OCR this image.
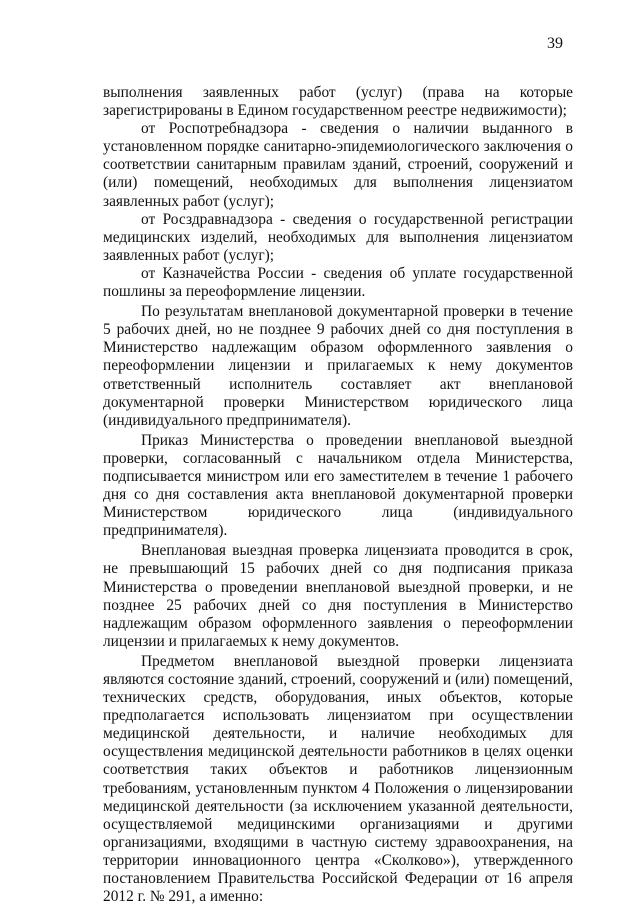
39

выполнения заявленных работ (услуг) (права на которые зарегистрированы в Едином государственном реестре недвижимости);

от Роспотребнадзора - сведения о наличии выданного в установленном порядке санитарно-эпидемиологического заключения о соответствии санитарным правилам зданий, строений, сооружений и (или) помещений, необходимых для выполнения лицензиатом заявленных работ (услуг);

от Росздравнадзора - сведения о государственной регистрации медицинских изделий, необходимых для выполнения лицензиатом заявленных работ (услуг);

от Казначейства России - сведения об уплате государственной пошлины за переоформление лицензии.

По результатам внеплановой документарной проверки в течение 5 рабочих дней, но не позднее 9 рабочих дней со дня поступления в Министерство надлежащим образом оформленного заявления о переоформлении лицензии и прилагаемых к нему документов ответственный исполнитель составляет акт внеплановой документарной проверки Министерством юридического лица (индивидуального предпринимателя).

Приказ Министерства о проведении внеплановой выездной проверки, согласованный с начальником отдела Министерства, подписывается министром или его заместителем в течение 1 рабочего дня со дня составления акта внеплановой документарной проверки Министерством юридического лица (индивидуального предпринимателя).

Внеплановая выездная проверка лицензиата проводится в срок, не превышающий 15 рабочих дней со дня подписания приказа Министерства о проведении внеплановой выездной проверки, и не позднее 25 рабочих дней со дня поступления в Министерство надлежащим образом оформленного заявления о переоформлении лицензии и прилагаемых к нему документов.

Предметом внеплановой выездной проверки лицензиата являются состояние зданий, строений, сооружений и (или) помещений, технических средств, оборудования, иных объектов, которые предполагается использовать лицензиатом при осуществлении медицинской деятельности, и наличие необходимых для осуществления медицинской деятельности работников в целях оценки соответствия таких объектов и работников лицензионным требованиям, установленным пунктом 4 Положения о лицензировании медицинской деятельности (за исключением указанной деятельности, осуществляемой медицинскими организациями и другими организациями, входящими в частную систему здравоохранения, на территории инновационного центра «Сколково»), утвержденного постановлением Правительства Российской Федерации от 16 апреля 2012 г. № 291, а именно:
